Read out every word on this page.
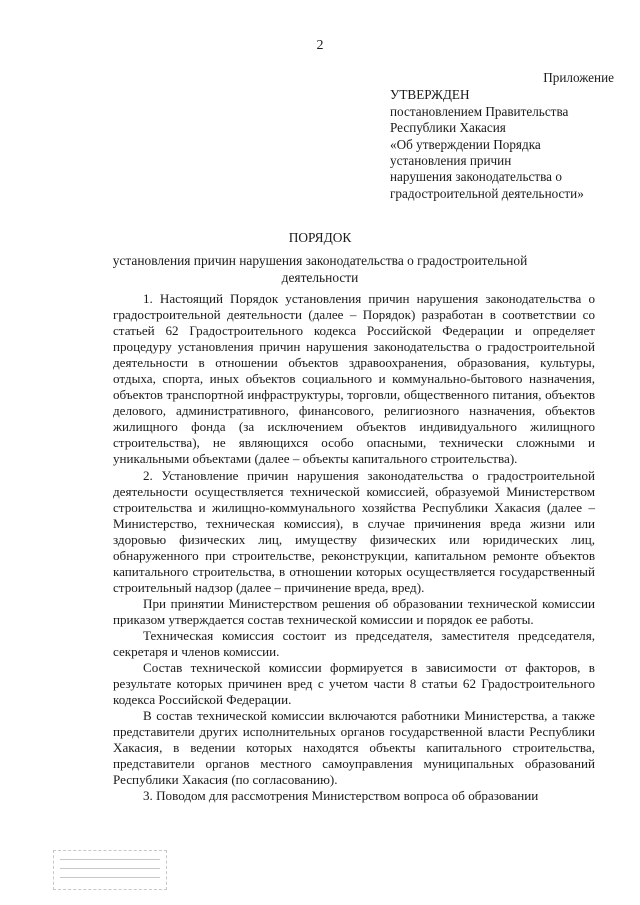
2
Приложение
УТВЕРЖДЕН
постановлением Правительства
Республики Хакасия
«Об утверждении Порядка
установления причин
нарушения законодательства о
градостроительной деятельности»
ПОРЯДОК
установления причин нарушения законодательства о градостроительной деятельности

1. Настоящий Порядок установления причин нарушения законодательства о градостроительной деятельности (далее – Порядок) разработан в соответствии со статьей 62 Градостроительного кодекса Российской Федерации и определяет процедуру установления причин нарушения законодательства о градостроительной деятельности в отношении объектов здравоохранения, образования, культуры, отдыха, спорта, иных объектов социального и коммунально-бытового назначения, объектов транспортной инфраструктуры, торговли, общественного питания, объектов делового, административного, финансового, религиозного назначения, объектов жилищного фонда (за исключением объектов индивидуального жилищного строительства), не являющихся особо опасными, технически сложными и уникальными объектами (далее – объекты капитального строительства).

2. Установление причин нарушения законодательства о градостроительной деятельности осуществляется технической комиссией, образуемой Министерством строительства и жилищно-коммунального хозяйства Республики Хакасия (далее – Министерство, техническая комиссия), в случае причинения вреда жизни или здоровью физических лиц, имуществу физических или юридических лиц, обнаруженного при строительстве, реконструкции, капитальном ремонте объектов капитального строительства, в отношении которых осуществляется государственный строительный надзор (далее – причинение вреда, вред).

При принятии Министерством решения об образовании технической комиссии приказом утверждается состав технической комиссии и порядок ее работы.

Техническая комиссия состоит из председателя, заместителя председателя, секретаря и членов комиссии.

Состав технической комиссии формируется в зависимости от факторов, в результате которых причинен вред с учетом части 8 статьи 62 Градостроительного кодекса Российской Федерации.

В состав технической комиссии включаются работники Министерства, а также представители других исполнительных органов государственной власти Республики Хакасия, в ведении которых находятся объекты капитального строительства, представители органов местного самоуправления муниципальных образований Республики Хакасия (по согласованию).

3. Поводом для рассмотрения Министерством вопроса об образовании
